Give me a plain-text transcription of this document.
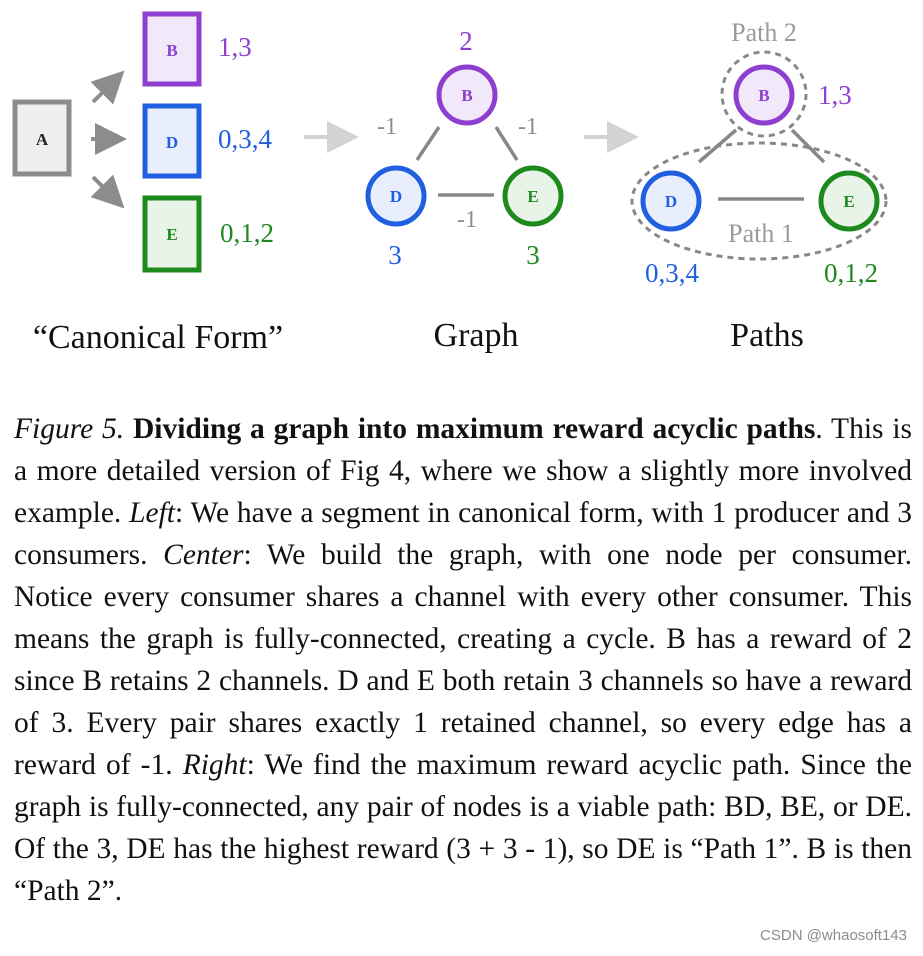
A
B 1,3
D 0,3,4
E 0,1,2
“Canonical Form”
-1	-1
-1
B
2
D
3
E
3
Graph
Path 2
Path 1
B 1,3
D
0,3,4
E
0,1,2
Paths
Figure 5. Dividing a graph into maximum reward acyclic paths. This is a more detailed version of Fig 4, where we show a slightly more involved example. Left: We have a segment in canonical form, with 1 producer and 3 consumers. Center: We build the graph, with one node per consumer. Notice every consumer shares a channel with every other consumer. This means the graph is fully-connected, creating a cycle. B has a reward of 2 since B retains 2 channels. D and E both retain 3 channels so have a reward of 3. Every pair shares exactly 1 retained channel, so every edge has a reward of -1. Right: We find the maximum reward acyclic path. Since the graph is fully-connected, any pair of nodes is a viable path: BD, BE, or DE. Of the 3, DE has the highest reward (3 + 3 - 1), so DE is “Path 1”. B is then “Path 2”.
CSDN @whaosoft143
